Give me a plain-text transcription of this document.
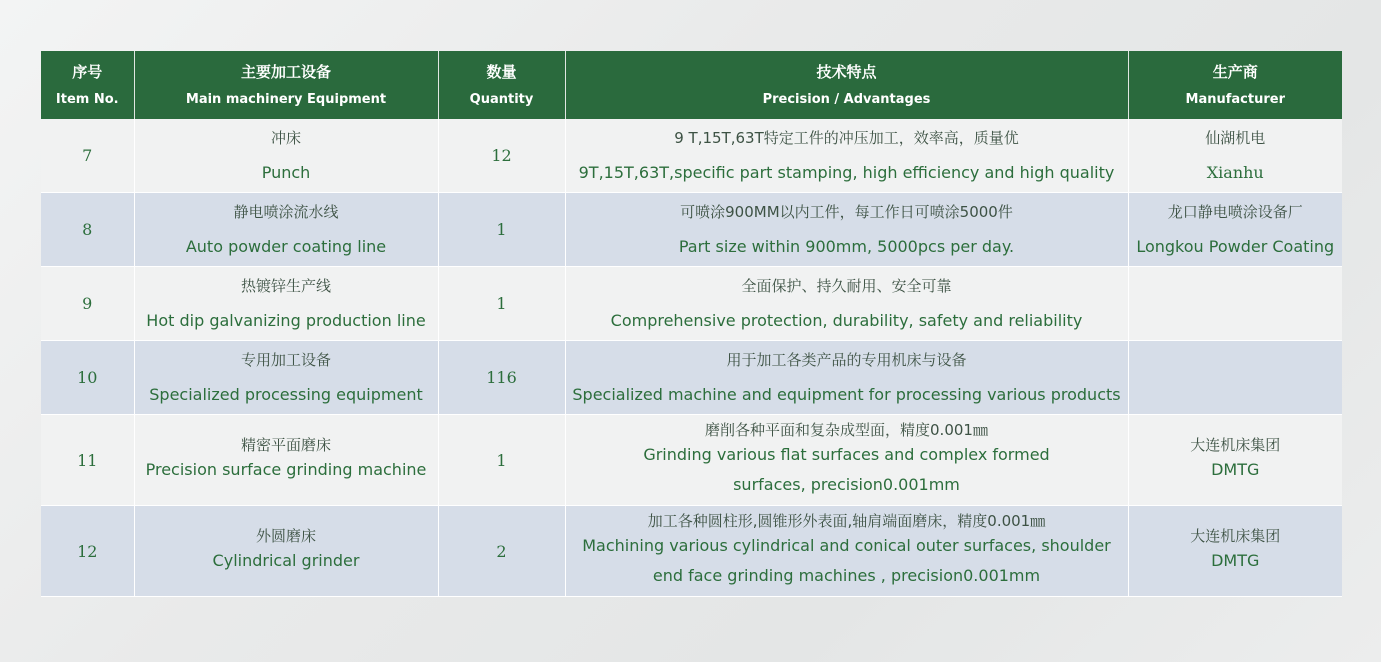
序号
Item No.	主要加工设备
Main machinery Equipment	数量
Quantity	技术特点
Precision / Advantages	生产商
Manufacturer

7	冲床
Punch	12	9 T,15T,63T特定工件的冲压加工，效率高，质量优
9T,15T,63T,specific part stamping, high efficiency and high quality	仙湖机电
Xianhu

8	静电喷涂流水线
Auto powder coating line	1	可喷涂900MM以内工件，每工作日可喷涂5000件
Part size within 900mm, 5000pcs per day.	龙口静电喷涂设备厂
Longkou Powder Coating

9	热镀锌生产线
Hot dip galvanizing production line	1	全面保护、持久耐用、安全可靠
Comprehensive protection, durability, safety and reliability	

10	专用加工设备
Specialized processing equipment	116	用于加工各类产品的专用机床与设备
Specialized machine and equipment for processing various products	

11	精密平面磨床
Precision surface grinding machine	1	磨削各种平面和复杂成型面，精度0.001㎜
Grinding various flat surfaces and complex formed surfaces, precision0.001mm	大连机床集团
DMTG

12	外圆磨床
Cylindrical grinder	2	加工各种圆柱形,圆锥形外表面,轴肩端面磨床，精度0.001㎜
Machining various cylindrical and conical outer surfaces, shoulder end face grinding machines , precision0.001mm	大连机床集团
DMTG
